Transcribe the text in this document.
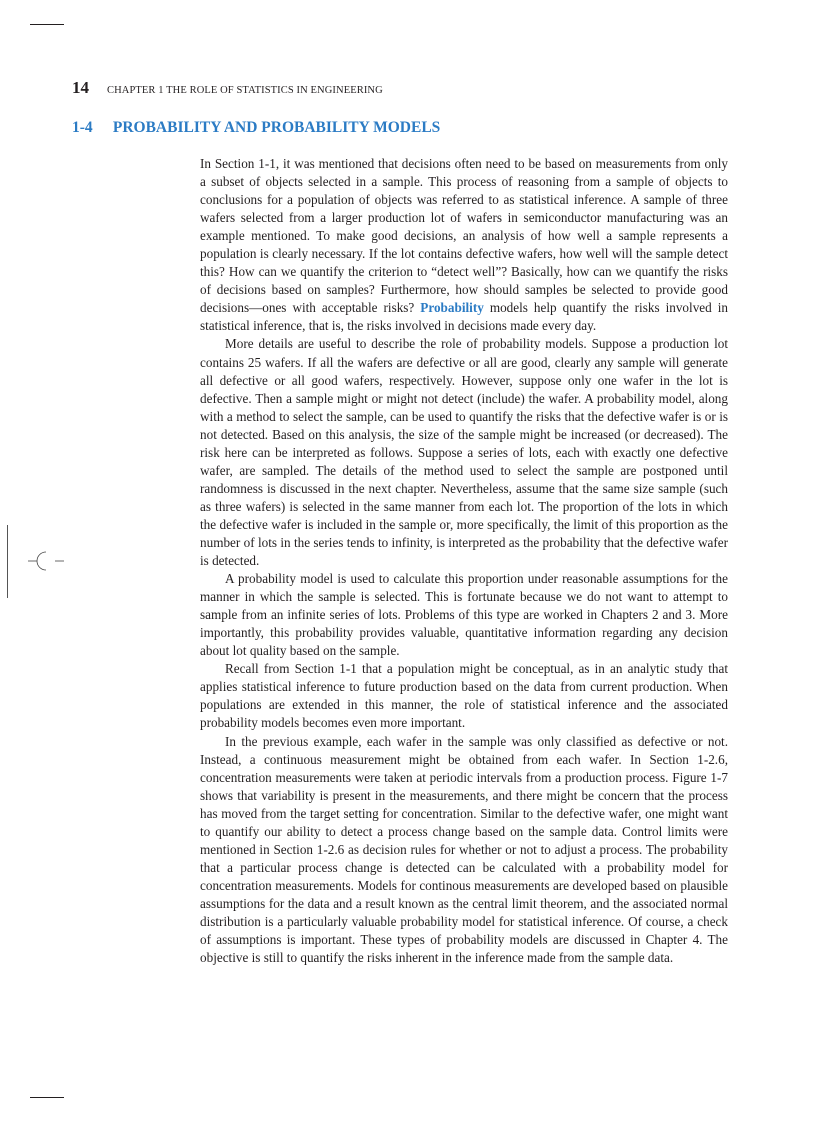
14 CHAPTER 1 THE ROLE OF STATISTICS IN ENGINEERING
1-4 PROBABILITY AND PROBABILITY MODELS

In Section 1-1, it was mentioned that decisions often need to be based on measurements from only a subset of objects selected in a sample. This process of reasoning from a sample of objects to conclusions for a population of objects was referred to as statistical inference. A sample of three wafers selected from a larger production lot of wafers in semiconductor manufacturing was an example mentioned. To make good decisions, an analysis of how well a sample represents a population is clearly necessary. If the lot contains defective wafers, how well will the sample detect this? How can we quantify the criterion to “detect well”? Basically, how can we quantify the risks of decisions based on samples? Furthermore, how should samples be selected to provide good decisions—ones with acceptable risks? Probability models help quantify the risks involved in statistical inference, that is, the risks involved in decisions made every day.

More details are useful to describe the role of probability models. Suppose a production lot contains 25 wafers. If all the wafers are defective or all are good, clearly any sample will generate all defective or all good wafers, respectively. However, suppose only one wafer in the lot is defective. Then a sample might or might not detect (include) the wafer. A probability model, along with a method to select the sample, can be used to quantify the risks that the defective wafer is or is not detected. Based on this analysis, the size of the sample might be increased (or decreased). The risk here can be interpreted as follows. Suppose a series of lots, each with exactly one defective wafer, are sampled. The details of the method used to select the sample are postponed until randomness is discussed in the next chapter. Nevertheless, assume that the same size sample (such as three wafers) is selected in the same manner from each lot. The proportion of the lots in which the defective wafer is included in the sample or, more specifically, the limit of this proportion as the number of lots in the series tends to infinity, is interpreted as the probability that the defective wafer is detected.

A probability model is used to calculate this proportion under reasonable assumptions for the manner in which the sample is selected. This is fortunate because we do not want to attempt to sample from an infinite series of lots. Problems of this type are worked in Chapters 2 and 3. More importantly, this probability provides valuable, quantitative information regarding any decision about lot quality based on the sample.

Recall from Section 1-1 that a population might be conceptual, as in an analytic study that applies statistical inference to future production based on the data from current production. When populations are extended in this manner, the role of statistical inference and the associated probability models becomes even more important.

In the previous example, each wafer in the sample was only classified as defective or not. Instead, a continuous measurement might be obtained from each wafer. In Section 1-2.6, concentration measurements were taken at periodic intervals from a production process. Figure 1-7 shows that variability is present in the measurements, and there might be concern that the process has moved from the target setting for concentration. Similar to the defective wafer, one might want to quantify our ability to detect a process change based on the sample data. Control limits were mentioned in Section 1-2.6 as decision rules for whether or not to adjust a process. The probability that a particular process change is detected can be calculated with a probability model for concentration measurements. Models for continous measurements are developed based on plausible assumptions for the data and a result known as the central limit theorem, and the associated normal distribution is a particularly valuable probability model for statistical inference. Of course, a check of assumptions is important. These types of probability models are discussed in Chapter 4. The objective is still to quantify the risks inherent in the inference made from the sample data.
